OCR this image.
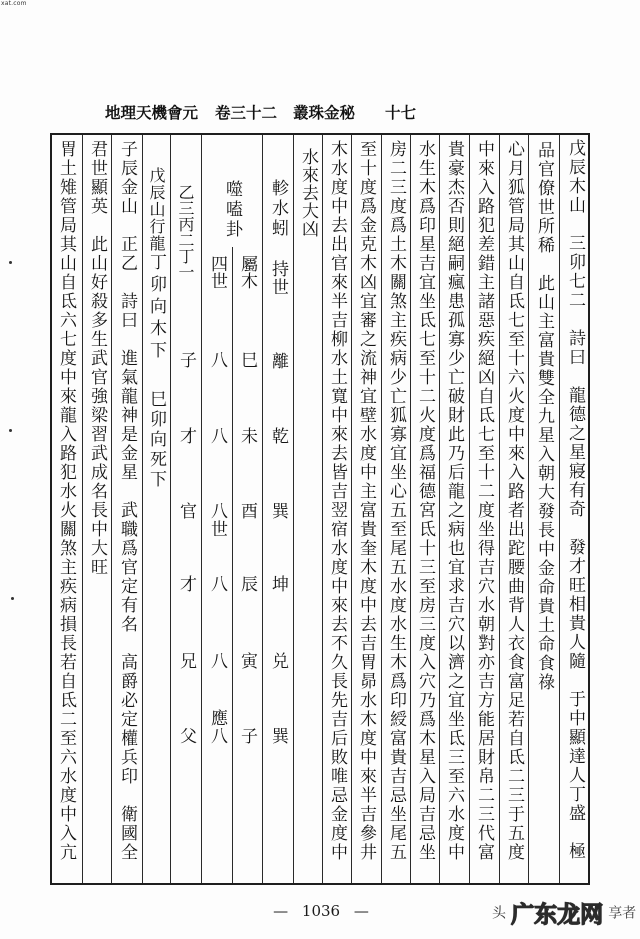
xat.com
地理天機會元 卷三十二 叢珠金秘 十七
戊辰木山　三卯七二　詩曰　龍德之星寢有奇　發才旺相貴人隨　于中顯達人丁盛　極
品官僚世所稀　此山主富貴雙全九星入朝大發長中金命貴土命食祿
心月狐管局其山自氐七至十六火度中來入路者出跎腰曲背人衣食富足若自氐二三于五度
中來入路犯差錯主諸惡疾絕凶自氐七至十二度坐得吉穴水朝對亦吉方能居財帛二三代富
貴豪杰否則絕嗣瘋患孤寡少亡破財此乃后龍之病也宜求吉穴以濟之宜坐氐三至六水度中
水生木爲印星吉宜坐氐七至十二火度爲福德宮氐十三至房三度入穴乃爲木星入局吉忌坐
房二三度爲土木關煞主疾病少亡狐寡宜坐心五至尾五水度水生木爲印綬富貴吉忌坐尾五
至十度爲金克木凶宜審之流神宜壁水度中主富貴奎木度中去吉胃昴水木度中來半吉參井
木水度中去出官來半吉柳水土寬中來去皆吉翌宿水度中來去不久長先吉后敗唯忌金度中
水來去大凶
軫水蚓
持世
離
乾
巽
坤
兑
巽
噬嗑卦
屬木
巳
未
酉
辰
寅
子
四世
八
八
八世
八
八
應八
乙三丙二丁一
子
才
官
才
兄
父
戊辰山行龍
丁卯向木下
巳卯向死下
子辰金山　正乙　詩曰　進氣龍神是金星　武職爲官定有名　高爵必定權兵印　衛國全
君世顯英　此山好殺多生武官強梁習武成名長中大旺
胃土雉管局其山自氐六七度中來龍入路犯水火關煞主疾病損長若自氐二至六水度中入亢
— 1036 —	头 广东龙网 享者
